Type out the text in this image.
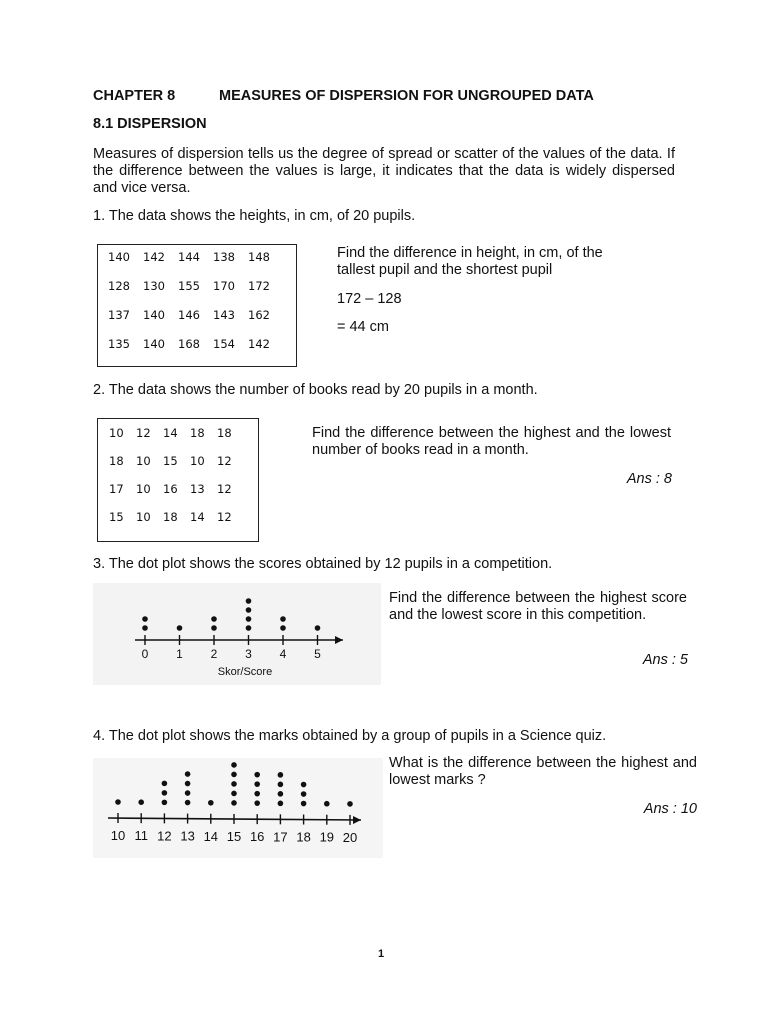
CHAPTER 8	MEASURES OF DISPERSION FOR UNGROUPED DATA
8.1 DISPERSION
Measures of dispersion tells us the degree of spread or scatter of the values of the data. If the difference between the values is large, it indicates that the data is widely dispersed and vice versa.
1. The data shows the heights, in cm, of 20 pupils.
140 142 144 138 148
128 130 155 170 172
137 140 146 143 162
135 140 168 154 142
Find the difference in height, in cm, of the tallest pupil and the shortest pupil
172 – 128
= 44 cm
2. The data shows the number of books read by 20 pupils in a month.
10 12 14 18 18
18 10 15 10 12
17 10 16 13 12
15 10 18 14 12
Find the difference between the highest and the lowest number of books read in a month.
Ans : 8
3. The dot plot shows the scores obtained by 12 pupils in a competition.
0 1 2 3 4 5
Skor/Score
Find the difference between the highest score and the lowest score in this competition.
Ans : 5
4. The dot plot shows the marks obtained by a group of pupils in a Science quiz.
10 11 12 13 14 15 16 17 18 19 20
What is the difference between the highest and lowest marks ?
Ans : 10
1
